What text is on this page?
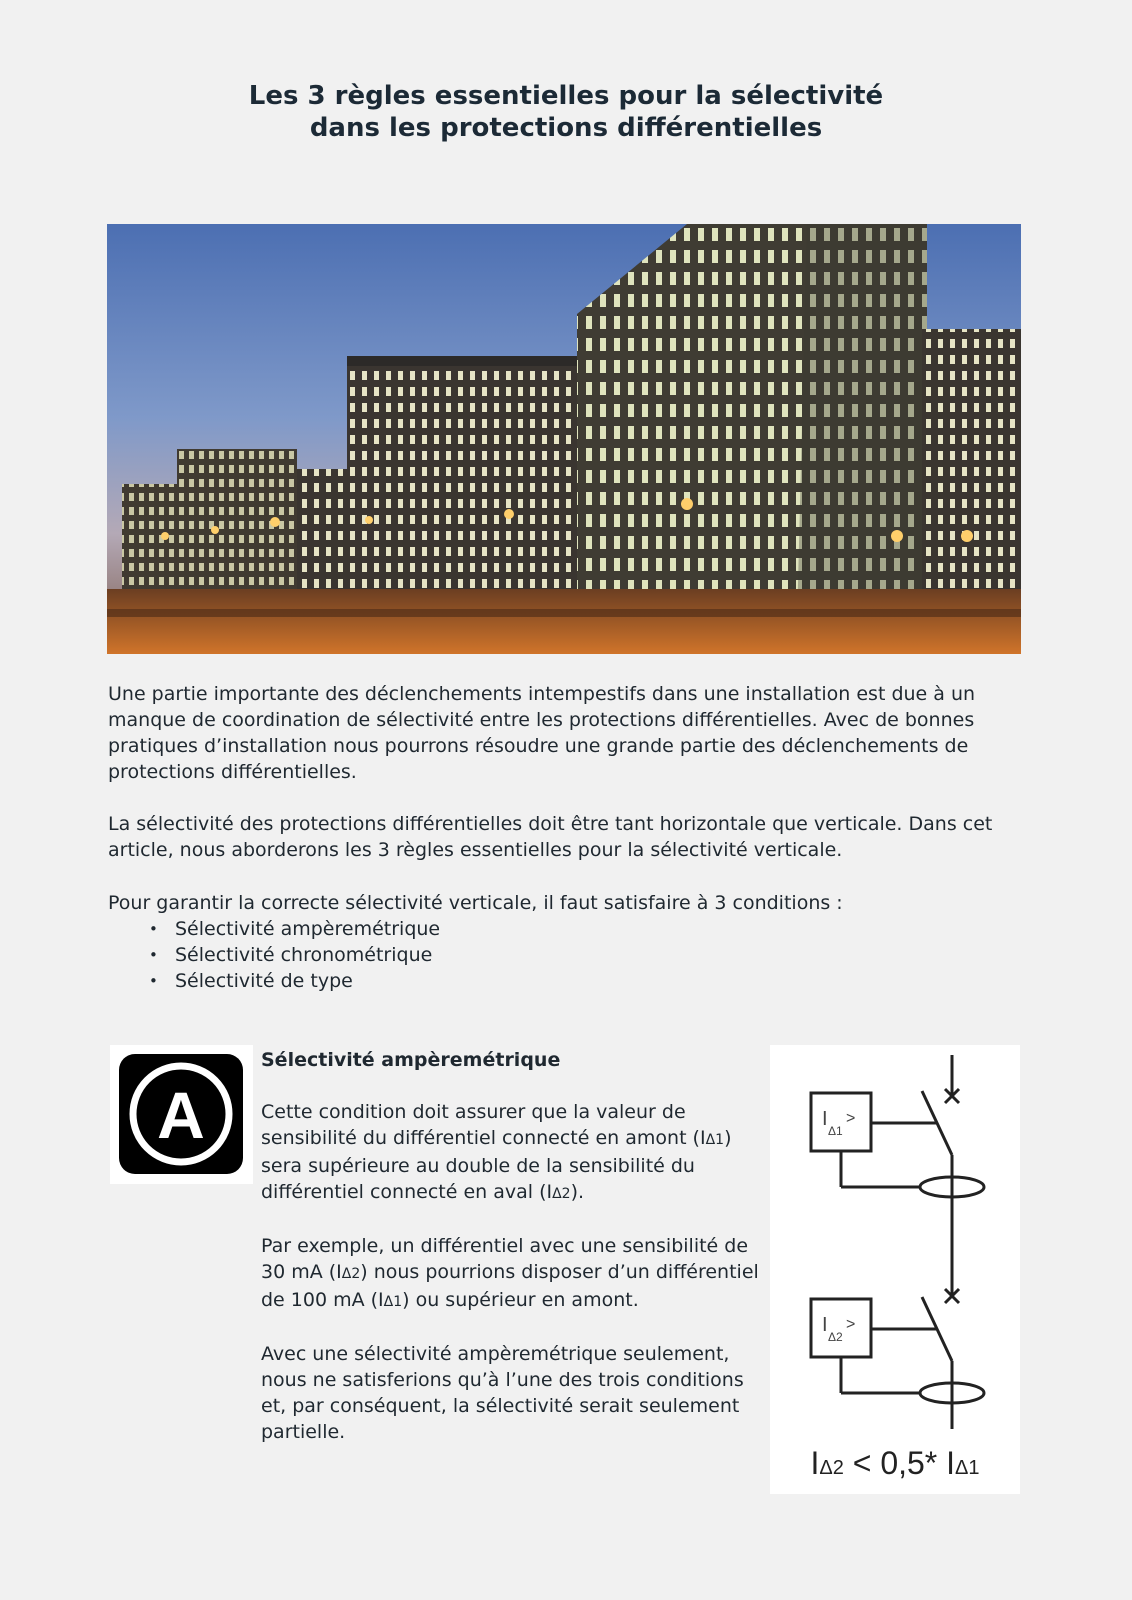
Les 3 règles essentielles pour la sélectivité
dans les protections différentielles
Une partie importante des déclenchements intempestifs dans une installation est due à un manque de coordination de sélectivité entre les protections différentielles. Avec de bonnes pratiques d’installation nous pourrons résoudre une grande partie des déclenchements de protections différentielles.
La sélectivité des protections différentielles doit être tant horizontale que verticale. Dans cet article, nous aborderons les 3 règles essentielles pour la sélectivité verticale.
Pour garantir la correcte sélectivité verticale, il faut satisfaire à 3 conditions :
• Sélectivité ampèremétrique
• Sélectivité chronométrique
• Sélectivité de type
A
Sélectivité ampèremétrique

Cette condition doit assurer que la valeur de sensibilité du différentiel connecté en amont (IΔ1) sera supérieure au double de la sensibilité du différentiel connecté en aval (IΔ2).

Par exemple, un différentiel avec une sensibilité de 30 mA (IΔ2) nous pourrions disposer d’un différentiel de 100 mA (IΔ1) ou supérieur en amont.

Avec une sélectivité ampèremétrique seulement, nous ne satisferions qu’à l’une des trois conditions et, par conséquent, la sélectivité serait seulement partielle.

I
Δ1
>
I
Δ2
>
IΔ2 < 0,5* IΔ1
